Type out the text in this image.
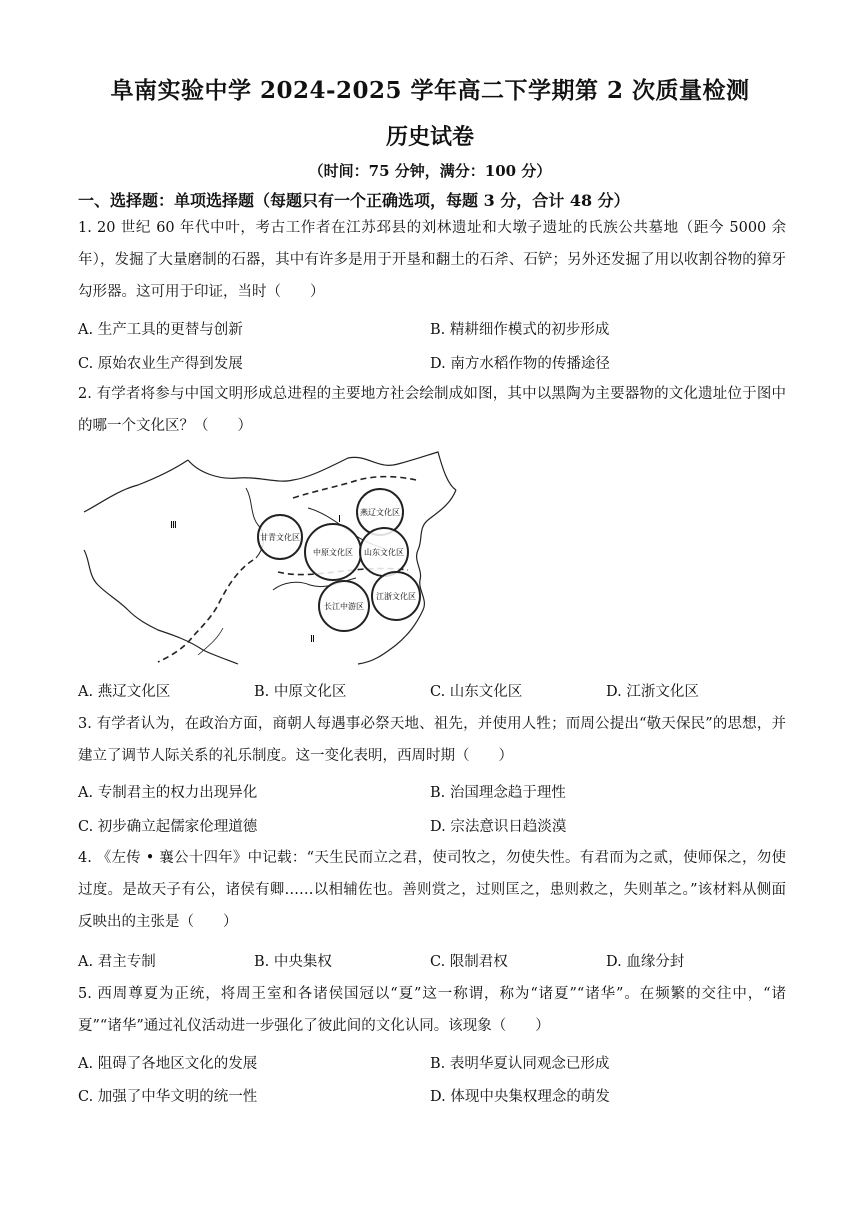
阜南实验中学 2024-2025 学年高二下学期第 2 次质量检测
历史试卷
（时间：75 分钟，满分：100 分）
一、选择题：单项选择题（每题只有一个正确选项，每题 3 分，合计 48 分）
1. 20 世纪 60 年代中叶，考古工作者在江苏邳县的刘林遗址和大墩子遗址的氏族公共墓地（距今 5000 余年），发掘了大量磨制的石器，其中有许多是用于开垦和翻土的石斧、石铲；另外还发掘了用以收割谷物的獐牙勾形器。这可用于印证，当时（　　）
A. 生产工具的更替与创新	B. 精耕细作模式的初步形成
C. 原始农业生产得到发展	D. 南方水稻作物的传播途径
2. 有学者将参与中国文明形成总进程的主要地方社会绘制成如图，其中以黑陶为主要器物的文化遗址位于图中的哪一个文化区？（　　）
燕辽文化区
甘青文化区
中原文化区 山东文化区
长江中游区
江浙文化区
I
Ⅱ
Ⅲ
A. 燕辽文化区	B. 中原文化区	C. 山东文化区	D. 江浙文化区
3. 有学者认为，在政治方面，商朝人每遇事必祭天地、祖先，并使用人牲；而周公提出“敬天保民”的思想，并建立了调节人际关系的礼乐制度。这一变化表明，西周时期（　　）
A. 专制君主的权力出现异化	B. 治国理念趋于理性
C. 初步确立起儒家伦理道德	D. 宗法意识日趋淡漠
4. 《左传 • 襄公十四年》中记载：“天生民而立之君，使司牧之，勿使失性。有君而为之贰，使师保之，勿使过度。是故天子有公，诸侯有卿……以相辅佐也。善则赏之，过则匡之，患则救之，失则革之。”该材料从侧面反映出的主张是（　　）
A. 君主专制	B. 中央集权	C. 限制君权	D. 血缘分封
5. 西周尊夏为正统，将周王室和各诸侯国冠以“夏”这一称谓，称为“诸夏”“诸华”。在频繁的交往中，“诸夏”“诸华”通过礼仪活动进一步强化了彼此间的文化认同。该现象（　　）
A. 阻碍了各地区文化的发展	B. 表明华夏认同观念已形成
C. 加强了中华文明的统一性	D. 体现中央集权理念的萌发
